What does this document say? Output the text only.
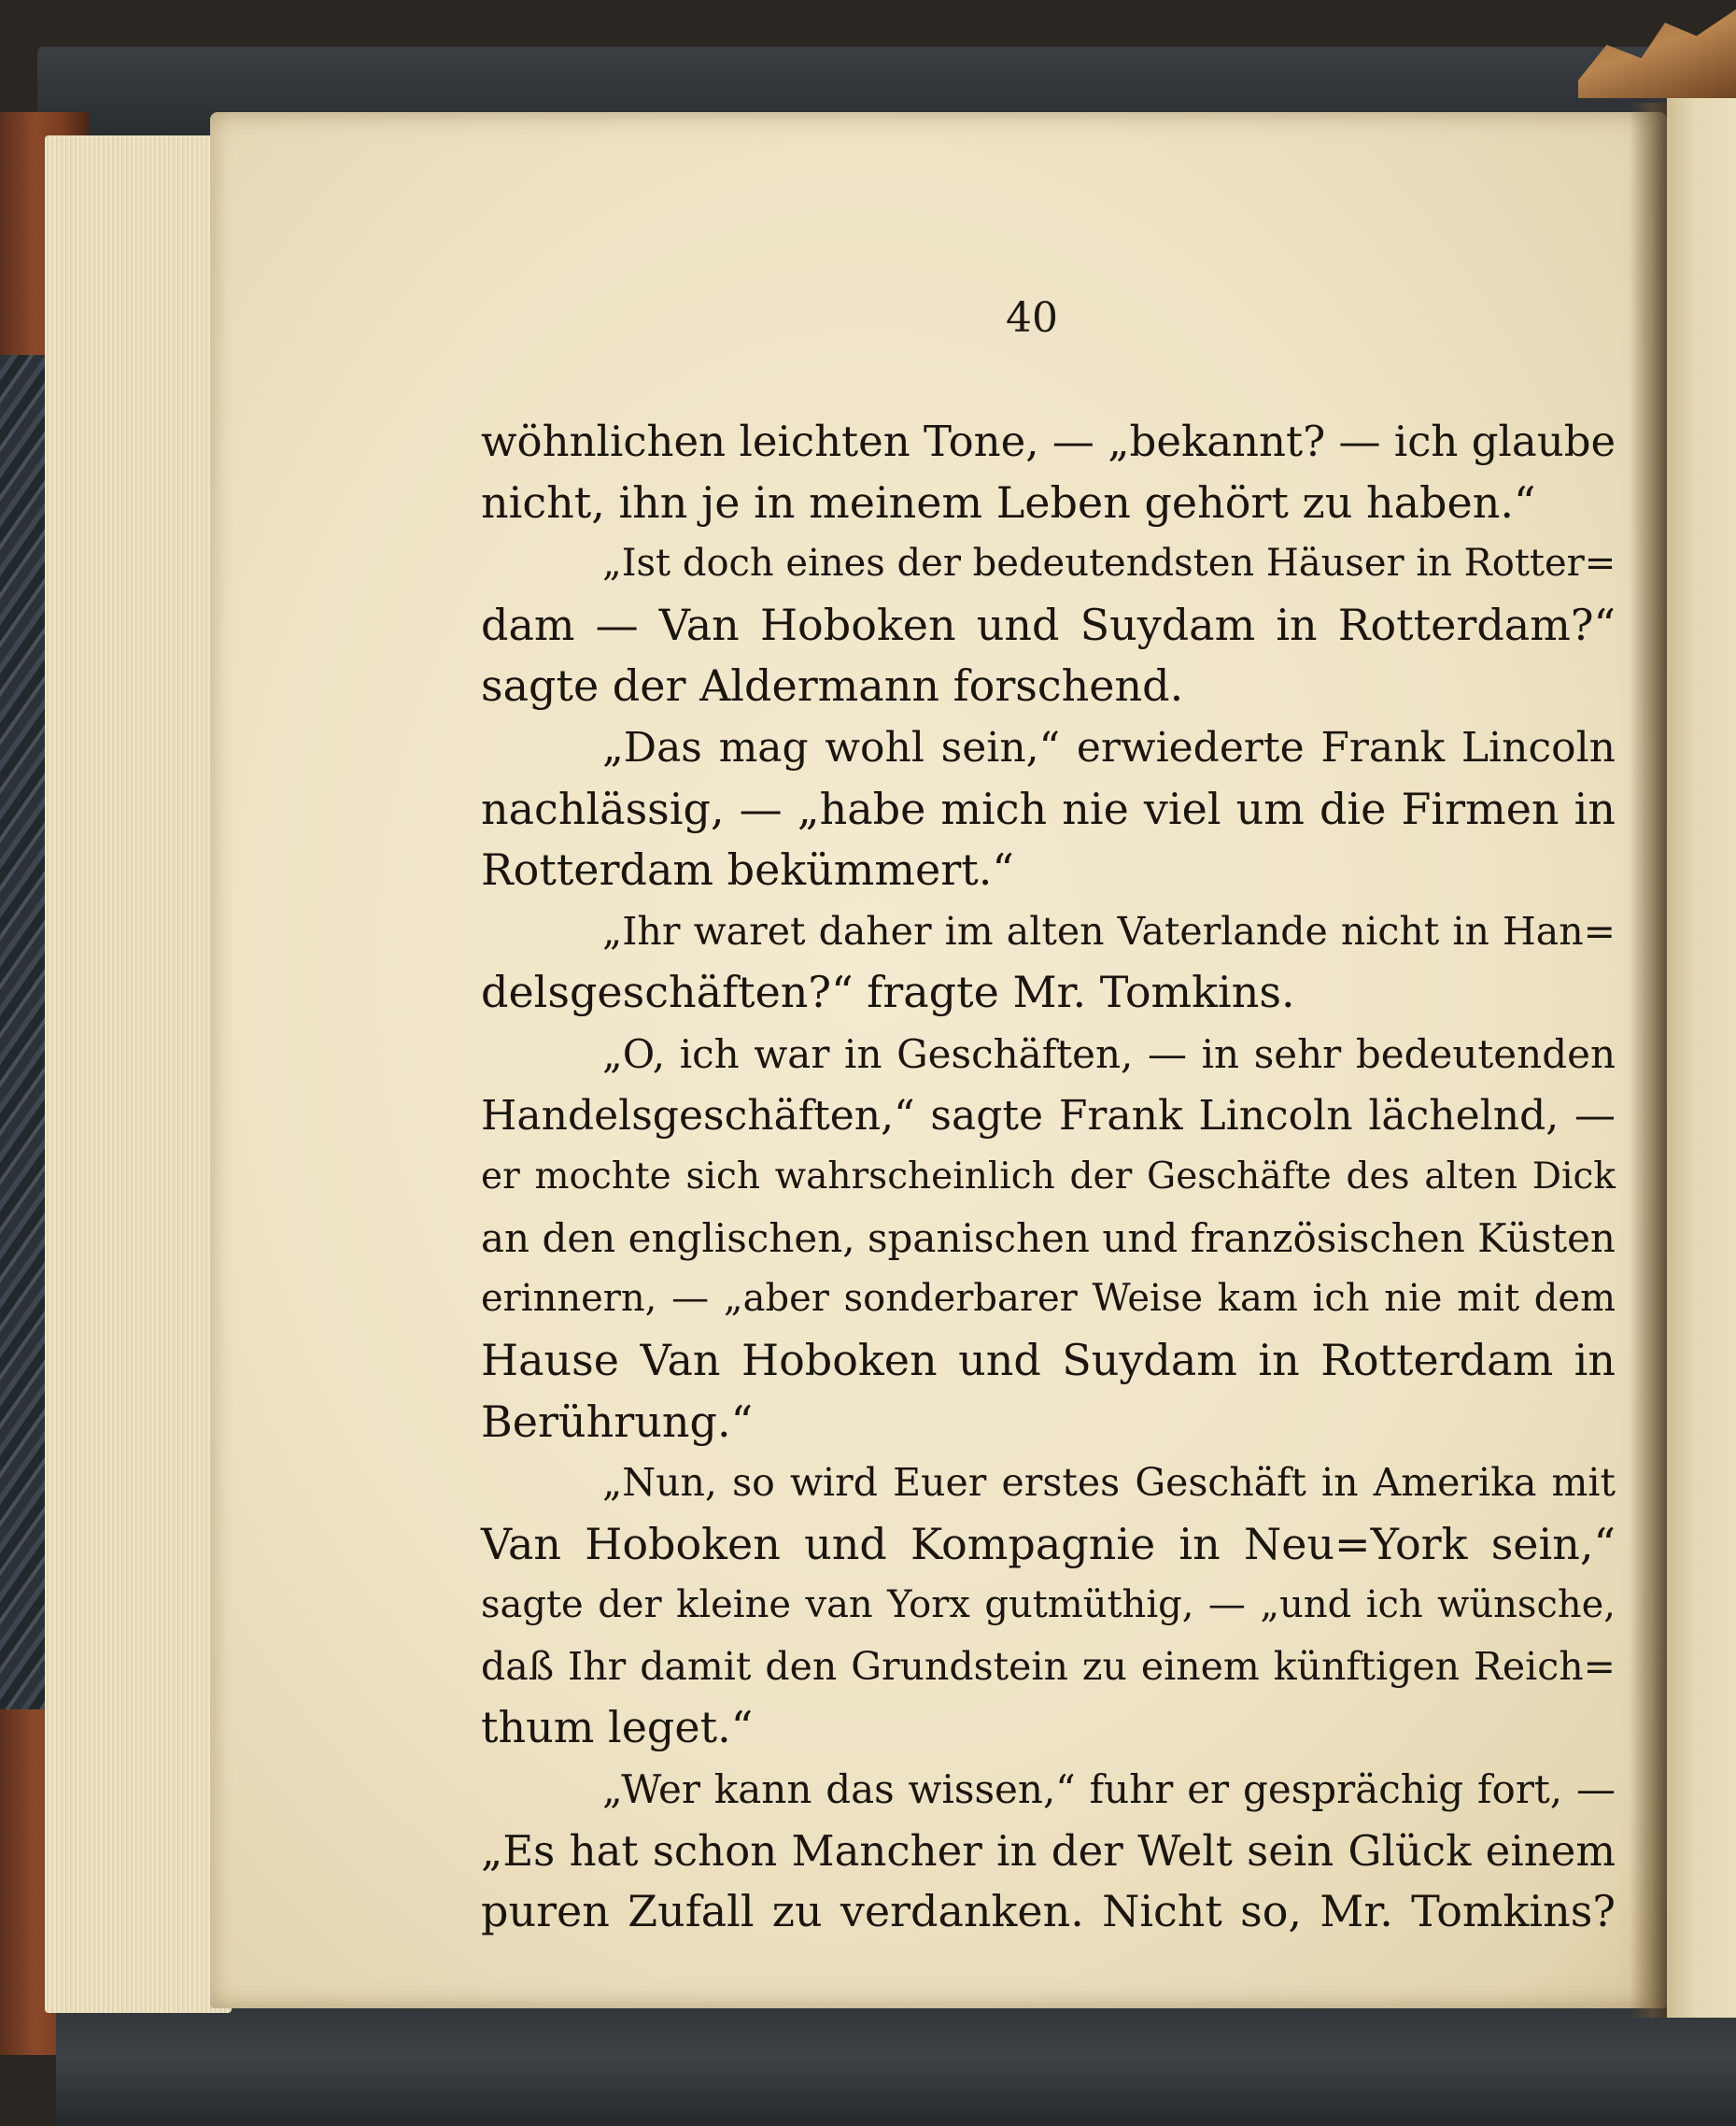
40
wöhnlichen leichten Tone, — „bekannt? — ich glaube
nicht, ihn je in meinem Leben gehört zu haben.“
„Ist doch eines der bedeutendsten Häuser in Rotter=
dam — Van Hoboken und Suydam in Rotterdam?“
sagte der Aldermann forschend.
„Das mag wohl sein,“ erwiederte Frank Lincoln
nachlässig, — „habe mich nie viel um die Firmen in
Rotterdam bekümmert.“
„Ihr waret daher im alten Vaterlande nicht in Han=
delsgeschäften?“ fragte Mr. Tomkins.
„O, ich war in Geschäften, — in sehr bedeutenden
Handelsgeschäften,“ sagte Frank Lincoln lächelnd, —
er mochte sich wahrscheinlich der Geschäfte des alten Dick
an den englischen, spanischen und französischen Küsten
erinnern, — „aber sonderbarer Weise kam ich nie mit dem
Hause Van Hoboken und Suydam in Rotterdam in
Berührung.“
„Nun, so wird Euer erstes Geschäft in Amerika mit
Van Hoboken und Kompagnie in Neu=York sein,“
sagte der kleine van Yorx gutmüthig, — „und ich wünsche,
daß Ihr damit den Grundstein zu einem künftigen Reich=
thum leget.“
„Wer kann das wissen,“ fuhr er gesprächig fort, —
„Es hat schon Mancher in der Welt sein Glück einem
puren Zufall zu verdanken. Nicht so, Mr. Tomkins?
